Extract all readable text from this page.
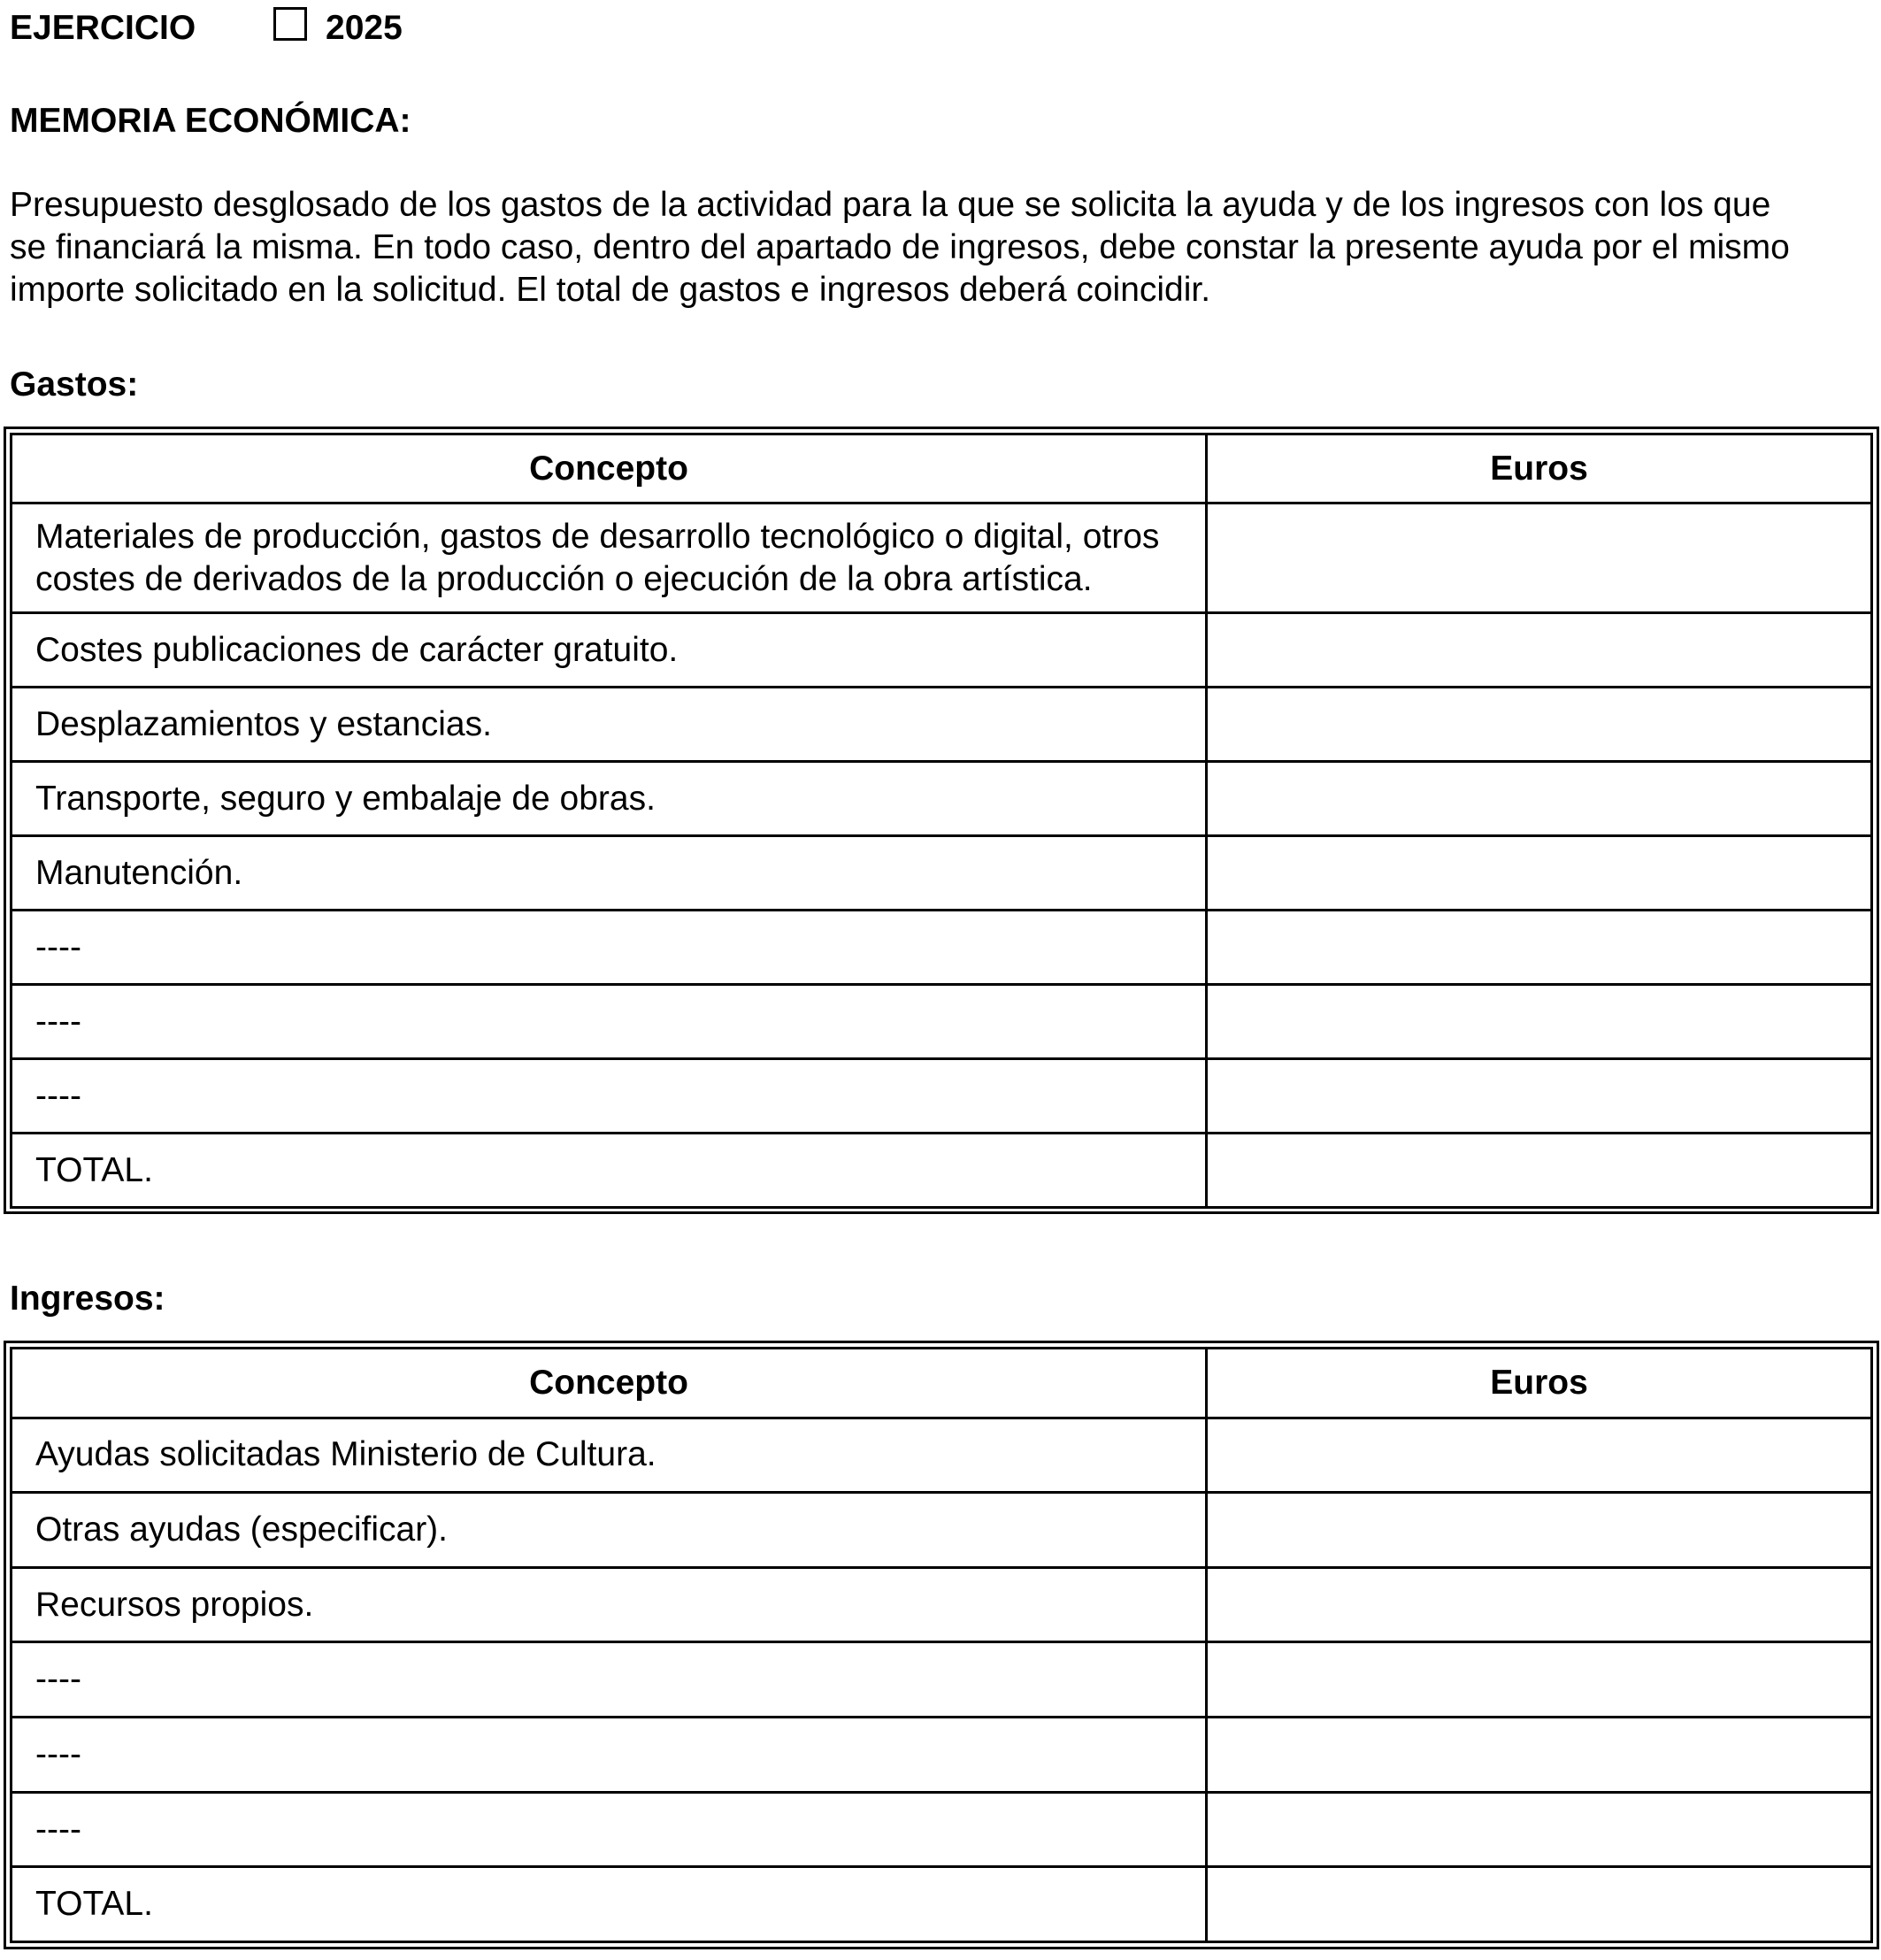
EJERCICIO	2025
MEMORIA ECONÓMICA:
Presupuesto desglosado de los gastos de la actividad para la que se solicita la ayuda y de los ingresos con los que
se financiará la misma. En todo caso, dentro del apartado de ingresos, debe constar la presente ayuda por el mismo
importe solicitado en la solicitud. El total de gastos e ingresos deberá coincidir.
Gastos:
Concepto	Euros
Materiales de producción, gastos de desarrollo tecnológico o digital, otros
costes de derivados de la producción o ejecución de la obra artística.	
Costes publicaciones de carácter gratuito.	
Desplazamientos y estancias.	
Transporte, seguro y embalaje de obras.	
Manutención.	
----	
----	
----	
TOTAL.	
Ingresos:
Concepto	Euros
Ayudas solicitadas Ministerio de Cultura.	
Otras ayudas (especificar).	
Recursos propios.	
----	
----	
----	
TOTAL.	
